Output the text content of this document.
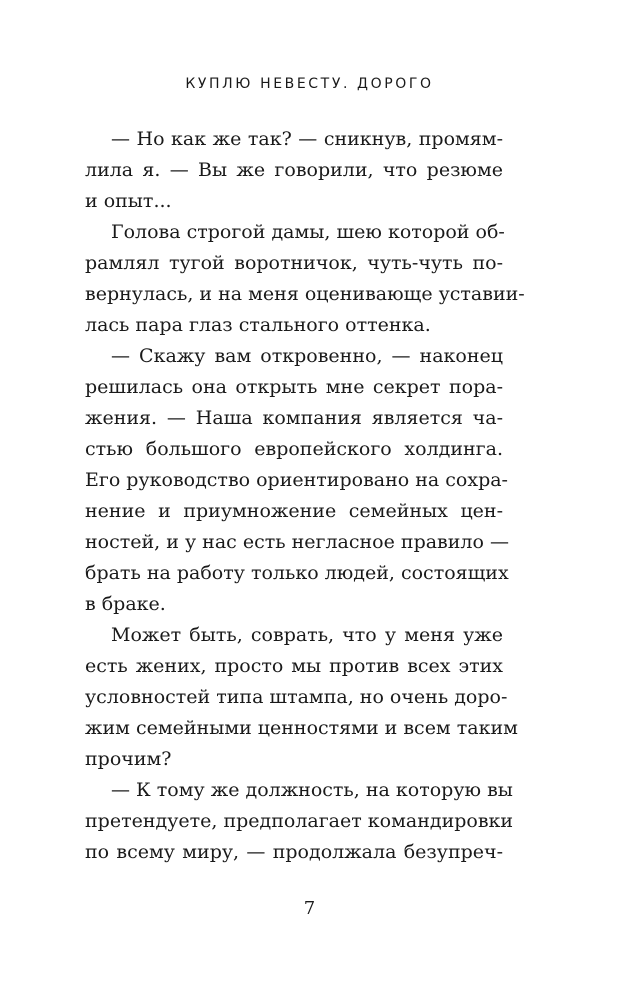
КУПЛЮ НЕВЕСТУ. ДОРОГО
— Но как же так? — сникнув, промям-
лила я. — Вы же говорили, что резюме
и опыт...
Голова строгой дамы, шею которой об-
рамлял тугой воротничок, чуть-чуть по-
вернулась, и на меня оценивающе уставии-
лась пара глаз стального оттенка.
— Скажу вам откровенно, — наконец
решилась она открыть мне секрет пора-
жения. — Наша компания является ча-
стью большого европейского холдинга.
Его руководство ориентировано на сохра-
нение и приумножение семейных цен-
ностей, и у нас есть негласное правило —
брать на работу только людей, состоящих
в браке.
Может быть, соврать, что у меня уже
есть жених, просто мы против всех этих
условностей типа штампа, но очень доро-
жим семейными ценностями и всем таким
прочим?
— К тому же должность, на которую вы
претендуете, предполагает командировки
по всему миру, — продолжала безупреч-
7
